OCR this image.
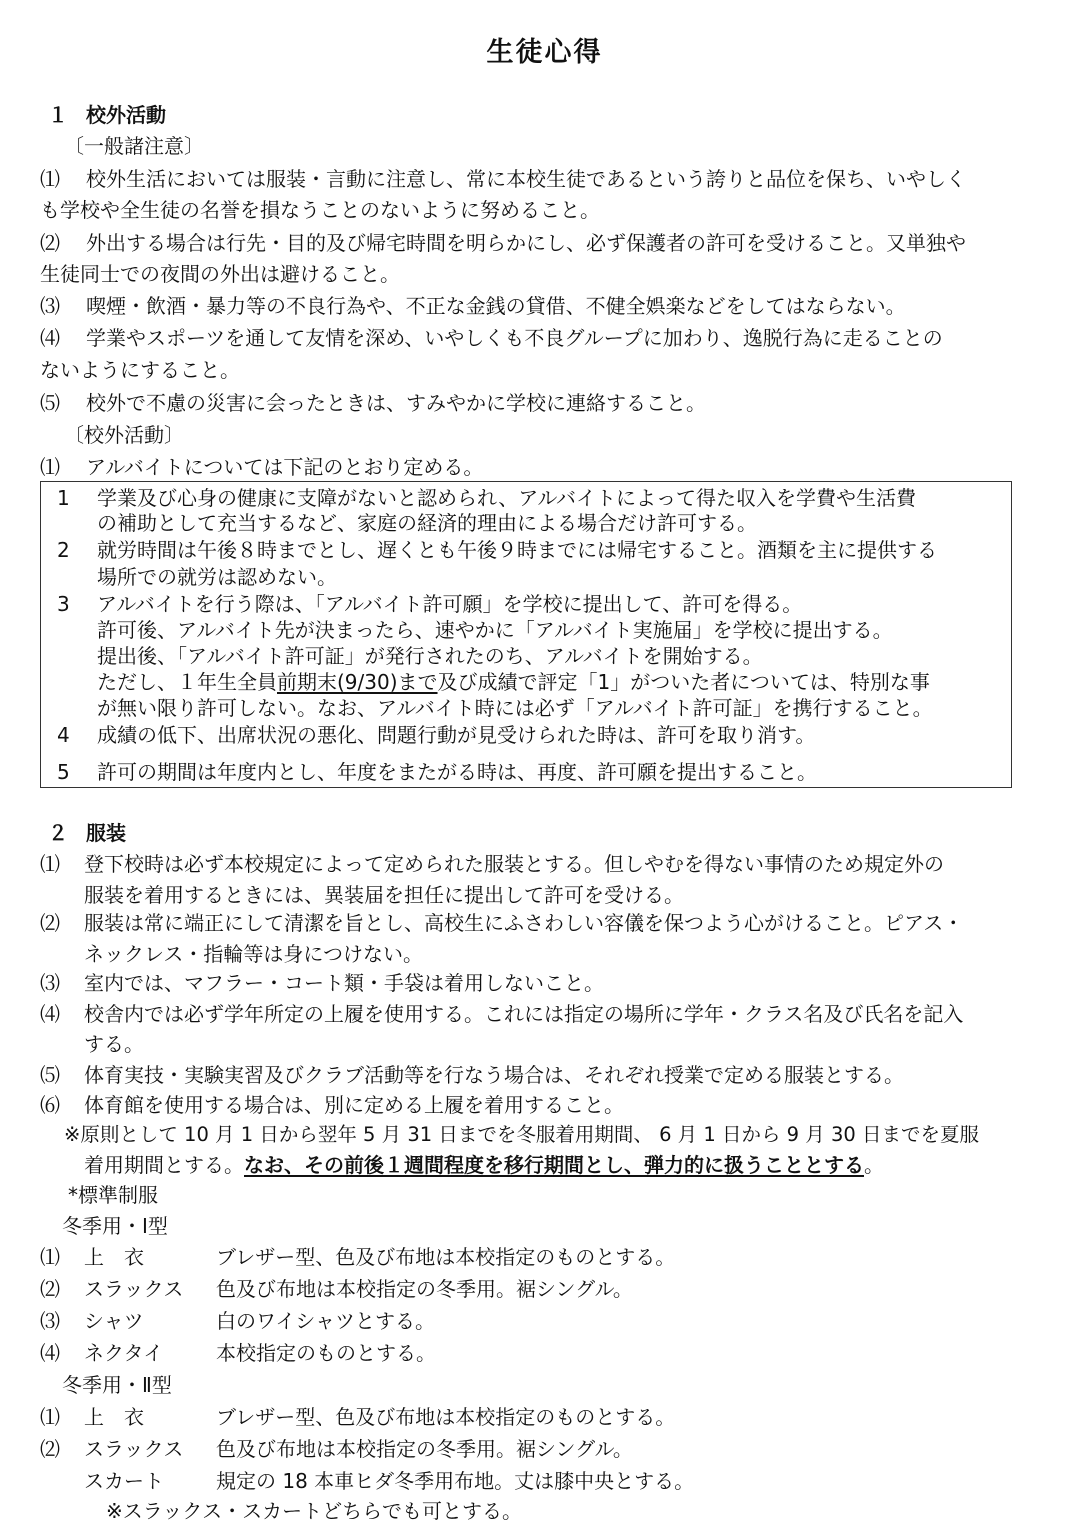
生徒心得
１ 校外活動
〔一般諸注意〕
⑴ 校外生活においては服装・言動に注意し、常に本校生徒であるという誇りと品位を保ち、いやしく
も学校や全生徒の名誉を損なうことのないように努めること。
⑵ 外出する場合は行先・目的及び帰宅時間を明らかにし、必ず保護者の許可を受けること。又単独や
生徒同士での夜間の外出は避けること。
⑶ 喫煙・飲酒・暴力等の不良行為や、不正な金銭の貸借、不健全娯楽などをしてはならない。
⑷ 学業やスポーツを通して友情を深め、いやしくも不良グループに加わり、逸脱行為に走ることの
ないようにすること。
⑸ 校外で不慮の災害に会ったときは、すみやかに学校に連絡すること。
〔校外活動〕
⑴ アルバイトについては下記のとおり定める。
1 学業及び心身の健康に支障がないと認められ、アルバイトによって得た収入を学費や生活費
の補助として充当するなど、家庭の経済的理由による場合だけ許可する。
2 就労時間は午後８時までとし、遅くとも午後９時までには帰宅すること。酒類を主に提供する
場所での就労は認めない。
3 アルバイトを行う際は、「アルバイト許可願」を学校に提出して、許可を得る。
許可後、アルバイト先が決まったら、速やかに「アルバイト実施届」を学校に提出する。
提出後、「アルバイト許可証」が発行されたのち、アルバイトを開始する。
ただし、１年生全員前期末(9/30)まで及び成績で評定「1」がついた者については、特別な事
が無い限り許可しない。なお、アルバイト時には必ず「アルバイト許可証」を携行すること。
4 成績の低下、出席状況の悪化、問題行動が見受けられた時は、許可を取り消す。
5 許可の期間は年度内とし、年度をまたがる時は、再度、許可願を提出すること。
２ 服装
⑴ 登下校時は必ず本校規定によって定められた服装とする。但しやむを得ない事情のため規定外の
服装を着用するときには、異装届を担任に提出して許可を受ける。
⑵ 服装は常に端正にして清潔を旨とし、高校生にふさわしい容儀を保つよう心がけること。ピアス・
ネックレス・指輪等は身につけない。
⑶ 室内では、マフラー・コート類・手袋は着用しないこと。
⑷ 校舎内では必ず学年所定の上履を使用する。これには指定の場所に学年・クラス名及び氏名を記入
する。
⑸ 体育実技・実験実習及びクラブ活動等を行なう場合は、それぞれ授業で定める服装とする。
⑹ 体育館を使用する場合は、別に定める上履を着用すること。
※原則として 10 月 1 日から翌年 5 月 31 日までを冬服着用期間、 6 月 1 日から 9 月 30 日までを夏服
着用期間とする。なお、その前後１週間程度を移行期間とし、弾力的に扱うこととする。
*標準制服
冬季用・Ⅰ型
⑴ 上　衣	ブレザー型、色及び布地は本校指定のものとする。
⑵ スラックス 色及び布地は本校指定の冬季用。裾シングル。
⑶ シャツ	白のワイシャツとする。
⑷ ネクタイ	本校指定のものとする。
冬季用・Ⅱ型
⑴ 上　衣	ブレザー型、色及び布地は本校指定のものとする。
⑵ スラックス 色及び布地は本校指定の冬季用。裾シングル。
スカート	規定の 18 本車ヒダ冬季用布地。丈は膝中央とする。
※スラックス・スカートどちらでも可とする。
